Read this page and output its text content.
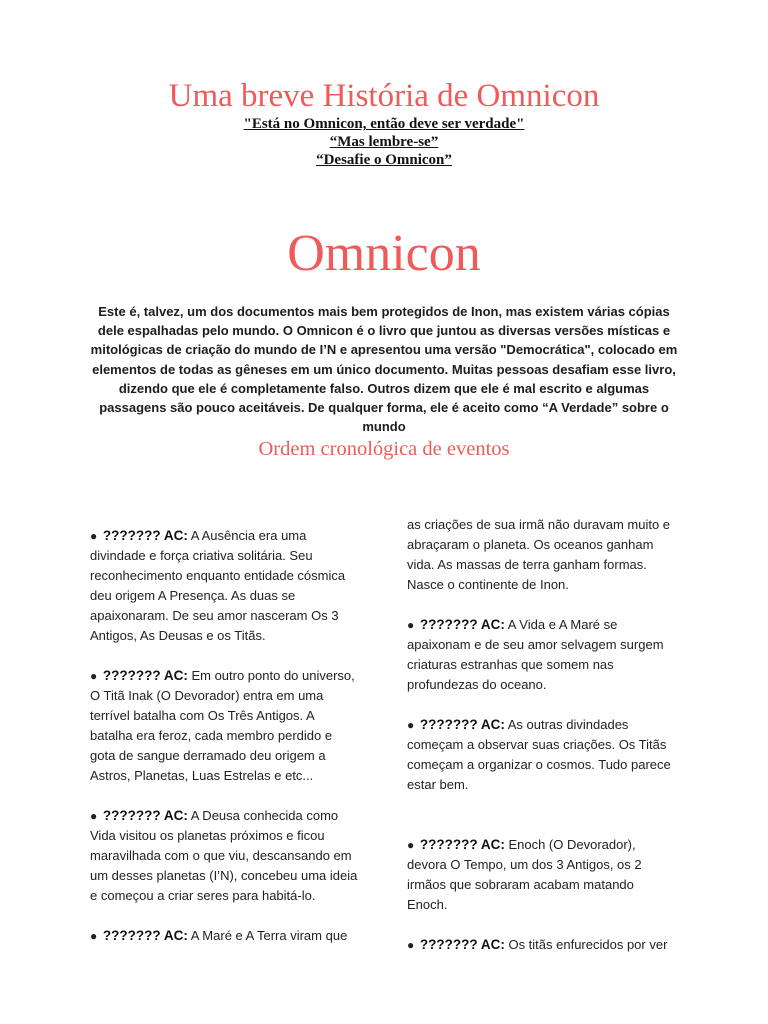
Uma breve História de Omnicon
"Está no Omnicon, então deve ser verdade"
“Mas lembre-se”
“Desafie o Omnicon”
Omnicon

Este é, talvez, um dos documentos mais bem protegidos de Inon, mas existem várias cópias dele espalhadas pelo mundo. O Omnicon é o livro que juntou as diversas versões místicas e mitológicas de criação do mundo de I’N e apresentou uma versão "Democrática", colocado em elementos de todas as gêneses em um único documento. Muitas pessoas desafiam esse livro, dizendo que ele é completamente falso. Outros dizem que ele é mal escrito e algumas passagens são pouco aceitáveis. De qualquer forma, ele é aceito como “A Verdade” sobre o mundo

Ordem cronológica de eventos

● ??????? AC: A Ausência era uma divindade e força criativa solitária. Seu reconhecimento enquanto entidade cósmica deu origem A Presença. As duas se apaixonaram. De seu amor nasceram Os 3 Antigos, As Deusas e os Titãs.

● ??????? AC: Em outro ponto do universo, O Titã Inak (O Devorador) entra em uma terrível batalha com Os Três Antigos. A batalha era feroz, cada membro perdido e gota de sangue derramado deu origem a Astros, Planetas, Luas Estrelas e etc...

● ??????? AC: A Deusa conhecida como Vida visitou os planetas próximos e ficou maravilhada com o que viu, descansando em um desses planetas (I’N), concebeu uma ideia e começou a criar seres para habitá-lo.

● ??????? AC: A Maré e A Terra viram que

as criações de sua irmã não duravam muito e abraçaram o planeta. Os oceanos ganham vida. As massas de terra ganham formas. Nasce o continente de Inon.

● ??????? AC: A Vida e A Maré se apaixonam e de seu amor selvagem surgem criaturas estranhas que somem nas profundezas do oceano.

● ??????? AC: As outras divindades começam a observar suas criações. Os Titãs começam a organizar o cosmos. Tudo parece estar bem.

● ??????? AC: Enoch (O Devorador), devora O Tempo, um dos 3 Antigos, os 2 irmãos que sobraram acabam matando Enoch.

● ??????? AC: Os titãs enfurecidos por ver
